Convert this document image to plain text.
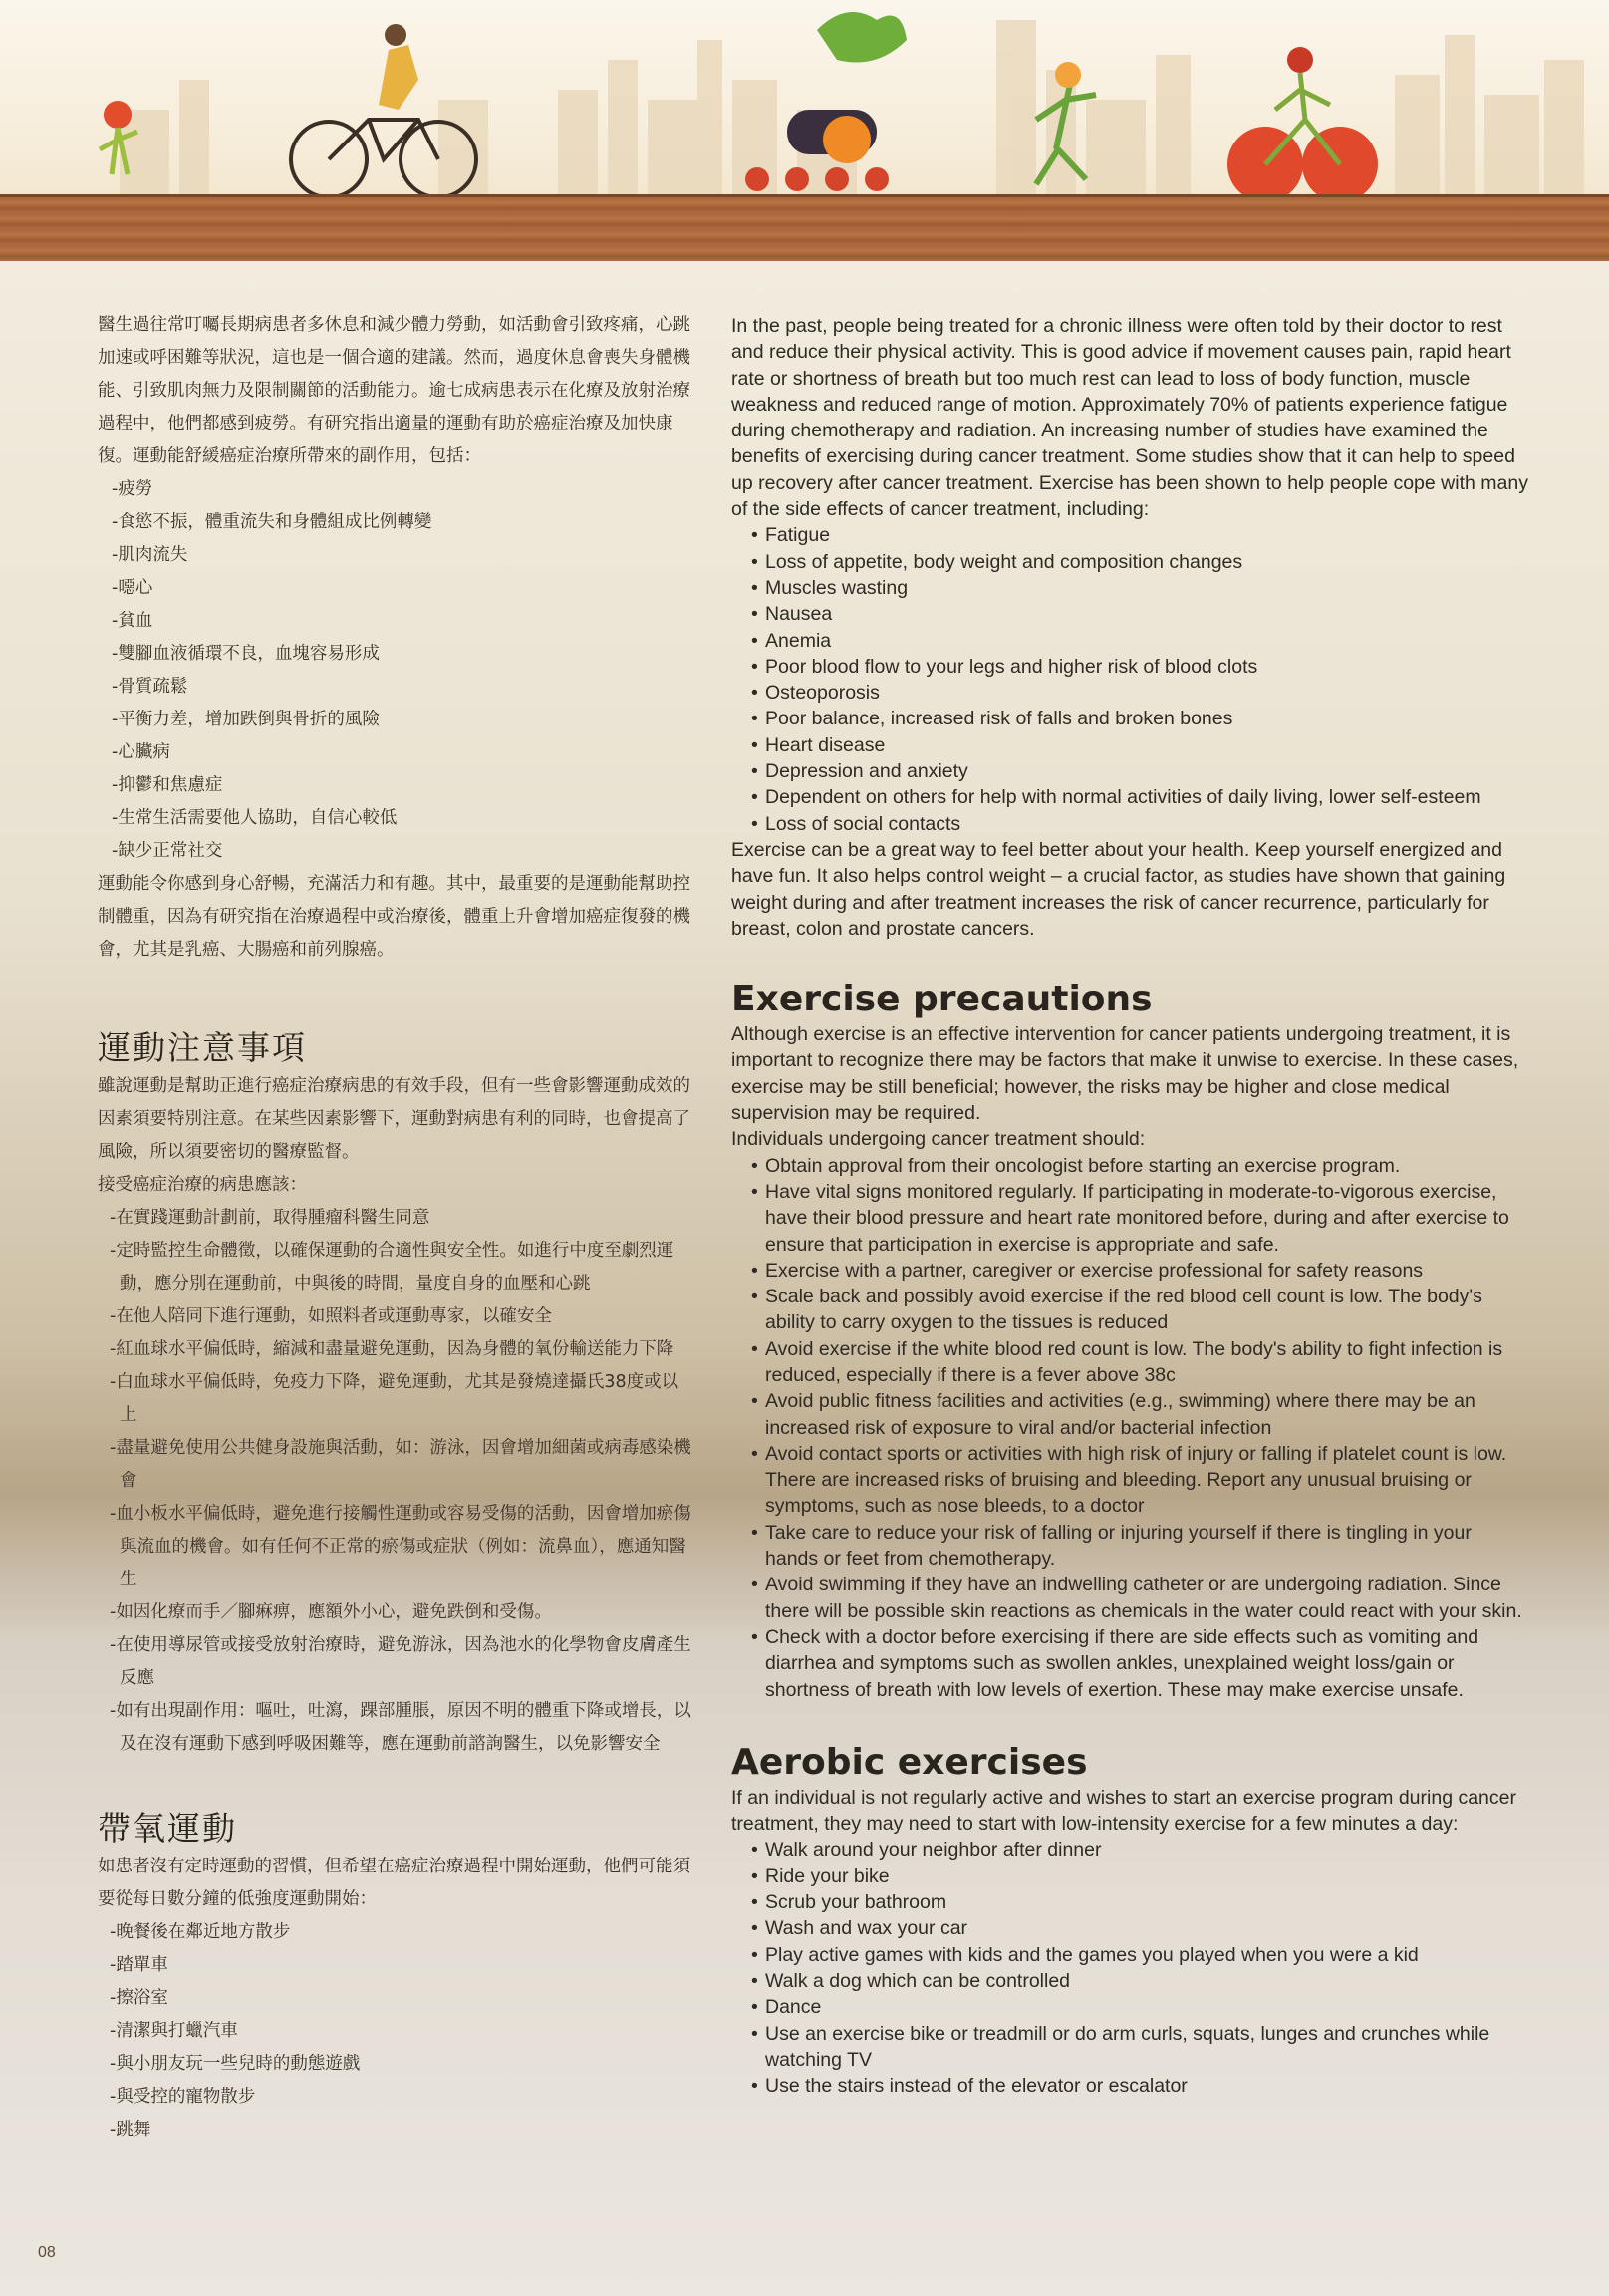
醫生過往常叮囑長期病患者多休息和減少體力勞動，如活動會引致疼痛，心跳加速或呼困難等狀況，這也是一個合適的建議。然而，過度休息會喪失身體機能、引致肌肉無力及限制關節的活動能力。逾七成病患表示在化療及放射治療過程中，他們都感到疲勞。有研究指出適量的運動有助於癌症治療及加快康復。運動能舒緩癌症治療所帶來的副作用，包括：

-疲勞
-食慾不振，體重流失和身體組成比例轉變
-肌肉流失
-噁心
-貧血
-雙腳血液循環不良，血塊容易形成
-骨質疏鬆
-平衡力差，增加跌倒與骨折的風險
-心臟病
-抑鬱和焦慮症
-生常生活需要他人協助，自信心較低
-缺少正常社交

運動能令你感到身心舒暢，充滿活力和有趣。其中，最重要的是運動能幫助控制體重，因為有研究指在治療過程中或治療後，體重上升會增加癌症復發的機會，尤其是乳癌、大腸癌和前列腺癌。

運動注意事項

雖說運動是幫助正進行癌症治療病患的有效手段，但有一些會影響運動成效的因素須要特別注意。在某些因素影響下，運動對病患有利的同時，也會提高了風險，所以須要密切的醫療監督。

接受癌症治療的病患應該：

-在實踐運動計劃前，取得腫瘤科醫生同意
-定時監控生命體徵，以確保運動的合適性與安全性。如進行中度至劇烈運動，應分別在運動前，中與後的時間，量度自身的血壓和心跳
-在他人陪同下進行運動，如照料者或運動專家，以確安全
-紅血球水平偏低時，縮減和盡量避免運動，因為身體的氧份輸送能力下降
-白血球水平偏低時，免疫力下降，避免運動，尤其是發燒達攝氏38度或以上
-盡量避免使用公共健身設施與活動，如：游泳，因會增加細菌或病毒感染機會
-血小板水平偏低時，避免進行接觸性運動或容易受傷的活動，因會增加瘀傷與流血的機會。如有任何不正常的瘀傷或症狀（例如：流鼻血），應通知醫生
-如因化療而手／腳痳痹，應額外小心，避免跌倒和受傷。
-在使用導尿管或接受放射治療時，避免游泳，因為池水的化學物會皮膚產生反應
-如有出現副作用：嘔吐，吐瀉，踝部腫脹，原因不明的體重下降或增長，以及在沒有運動下感到呼吸困難等，應在運動前諮詢醫生，以免影響安全
帶氧運動

如患者沒有定時運動的習慣，但希望在癌症治療過程中開始運動，他們可能須要從每日數分鐘的低強度運動開始：

-晚餐後在鄰近地方散步
-踏單車
-擦浴室
-清潔與打蠟汽車
-與小朋友玩一些兒時的動態遊戲
-與受控的寵物散步
-跳舞

In the past, people being treated for a chronic illness were often told by their doctor to rest and reduce their physical activity. This is good advice if movement causes pain, rapid heart rate or shortness of breath but too much rest can lead to loss of body function, muscle weakness and reduced range of motion. Approximately 70% of patients experience fatigue during chemotherapy and radiation. An increasing number of studies have examined the benefits of exercising during cancer treatment. Some studies show that it can help to speed up recovery after cancer treatment. Exercise has been shown to help people cope with many of the side effects of cancer treatment, including:

• Fatigue
• Loss of appetite, body weight and composition changes
• Muscles wasting
• Nausea
• Anemia
• Poor blood flow to your legs and higher risk of blood clots
• Osteoporosis
• Poor balance, increased risk of falls and broken bones
• Heart disease
• Depression and anxiety
• Dependent on others for help with normal activities of daily living, lower self-esteem
• Loss of social contacts

Exercise can be a great way to feel better about your health. Keep yourself energized and have fun. It also helps control weight – a crucial factor, as studies have shown that gaining weight during and after treatment increases the risk of cancer recurrence, particularly for breast, colon and prostate cancers.

Exercise precautions

Although exercise is an effective intervention for cancer patients undergoing treatment, it is important to recognize there may be factors that make it unwise to exercise. In these cases, exercise may be still beneficial; however, the risks may be higher and close medical supervision may be required.

Individuals undergoing cancer treatment should:

• Obtain approval from their oncologist before starting an exercise program.
• Have vital signs monitored regularly. If participating in moderate-to-vigorous exercise, have their blood pressure and heart rate monitored before, during and after exercise to ensure that participation in exercise is appropriate and safe.
• Exercise with a partner, caregiver or exercise professional for safety reasons
• Scale back and possibly avoid exercise if the red blood cell count is low. The body's ability to carry oxygen to the tissues is reduced
• Avoid exercise if the white blood red count is low. The body's ability to fight infection is reduced, especially if there is a fever above 38c
• Avoid public fitness facilities and activities (e.g., swimming) where there may be an increased risk of exposure to viral and/or bacterial infection
• Avoid contact sports or activities with high risk of injury or falling if platelet count is low. There are increased risks of bruising and bleeding. Report any unusual bruising or symptoms, such as nose bleeds, to a doctor
• Take care to reduce your risk of falling or injuring yourself if there is tingling in your hands or feet from chemotherapy.
• Avoid swimming if they have an indwelling catheter or are undergoing radiation. Since there will be possible skin reactions as chemicals in the water could react with your skin.
• Check with a doctor before exercising if there are side effects such as vomiting and diarrhea and symptoms such as swollen ankles, unexplained weight loss/gain or shortness of breath with low levels of exertion. These may make exercise unsafe.
Aerobic exercises

If an individual is not regularly active and wishes to start an exercise program during cancer treatment, they may need to start with low-intensity exercise for a few minutes a day:

• Walk around your neighbor after dinner
• Ride your bike
• Scrub your bathroom
• Wash and wax your car
• Play active games with kids and the games you played when you were a kid
• Walk a dog which can be controlled
• Dance
• Use an exercise bike or treadmill or do arm curls, squats, lunges and crunches while watching TV
• Use the stairs instead of the elevator or escalator
08
